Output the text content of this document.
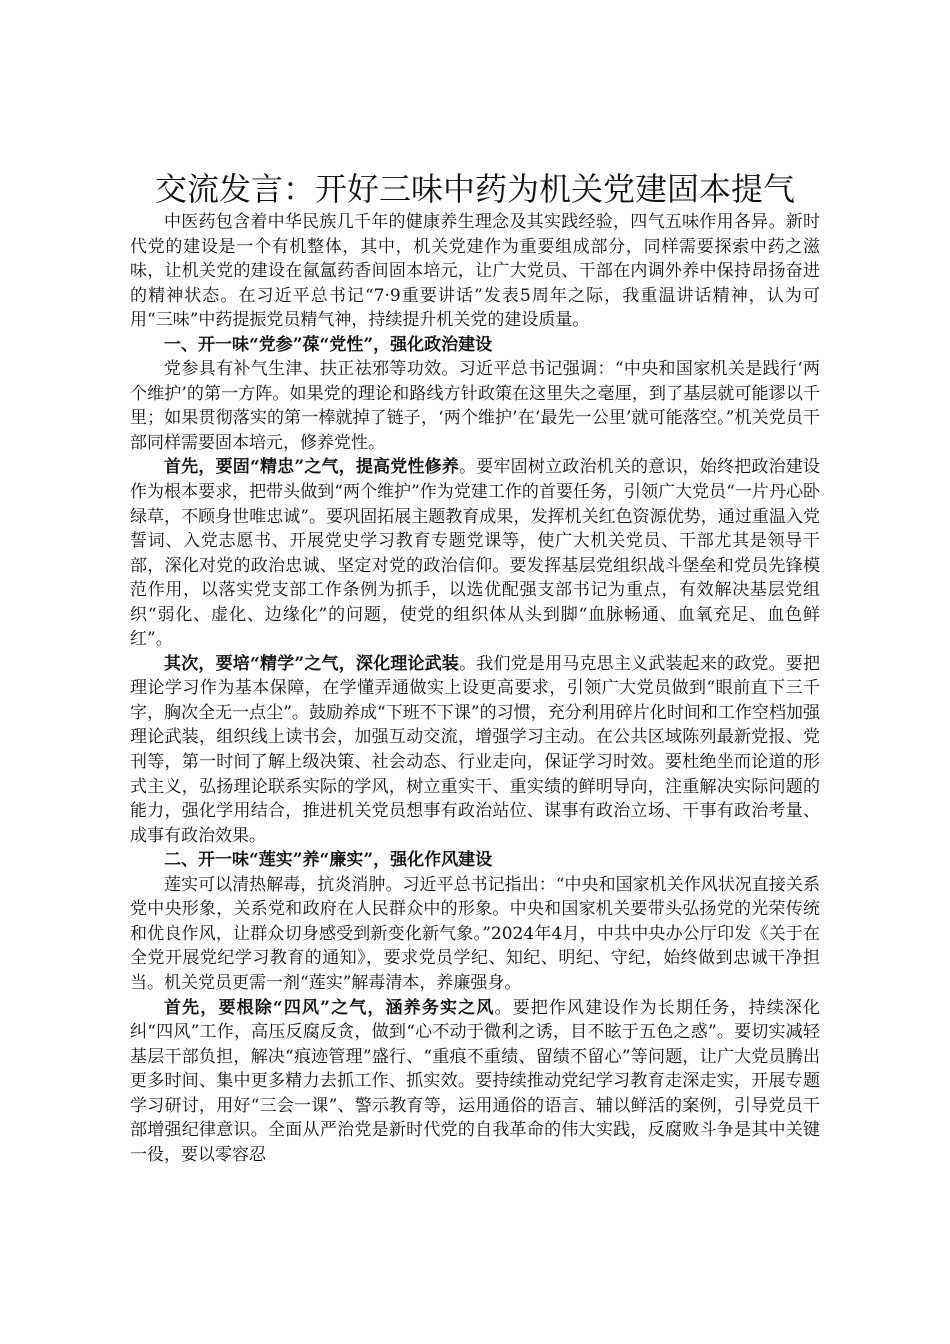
交流发言：开好三味中药为机关党建固本提气

中医药包含着中华民族几千年的健康养生理念及其实践经验，四气五味作用各异。新时代党的建设是一个有机整体，其中，机关党建作为重要组成部分，同样需要探索中药之滋味，让机关党的建设在氤氲药香间固本培元，让广大党员、干部在内调外养中保持昂扬奋进的精神状态。在习近平总书记“7·9重要讲话”发表5周年之际，我重温讲话精神，认为可用“三味”中药提振党员精气神，持续提升机关党的建设质量。

一、开一味“党参”葆“党性”，强化政治建设

党参具有补气生津、扶正祛邪等功效。习近平总书记强调：“中央和国家机关是践行‘两个维护’的第一方阵。如果党的理论和路线方针政策在这里失之毫厘，到了基层就可能谬以千里；如果贯彻落实的第一棒就掉了链子，‘两个维护’在‘最先一公里’就可能落空。”机关党员干部同样需要固本培元，修养党性。

首先，要固“精忠”之气，提高党性修养。要牢固树立政治机关的意识，始终把政治建设作为根本要求，把带头做到“两个维护”作为党建工作的首要任务，引领广大党员“一片丹心卧绿草，不顾身世唯忠诚”。要巩固拓展主题教育成果，发挥机关红色资源优势，通过重温入党誓词、入党志愿书、开展党史学习教育专题党课等，使广大机关党员、干部尤其是领导干部，深化对党的政治忠诚、坚定对党的政治信仰。要发挥基层党组织战斗堡垒和党员先锋模范作用，以落实党支部工作条例为抓手，以选优配强支部书记为重点，有效解决基层党组织“弱化、虚化、边缘化”的问题，使党的组织体从头到脚“血脉畅通、血氧充足、血色鲜红”。

其次，要培“精学”之气，深化理论武装。我们党是用马克思主义武装起来的政党。要把理论学习作为基本保障，在学懂弄通做实上设更高要求，引领广大党员做到“眼前直下三千字，胸次全无一点尘”。鼓励养成“下班不下课”的习惯，充分利用碎片化时间和工作空档加强理论武装，组织线上读书会，加强互动交流，增强学习主动。在公共区域陈列最新党报、党刊等，第一时间了解上级决策、社会动态、行业走向，保证学习时效。要杜绝坐而论道的形式主义，弘扬理论联系实际的学风，树立重实干、重实绩的鲜明导向，注重解决实际问题的能力，强化学用结合，推进机关党员想事有政治站位、谋事有政治立场、干事有政治考量、成事有政治效果。

二、开一味“莲实”养“廉实”，强化作风建设

莲实可以清热解毒，抗炎消肿。习近平总书记指出：“中央和国家机关作风状况直接关系党中央形象，关系党和政府在人民群众中的形象。中央和国家机关要带头弘扬党的光荣传统和优良作风，让群众切身感受到新变化新气象。”2024年4月，中共中央办公厅印发《关于在全党开展党纪学习教育的通知》，要求党员学纪、知纪、明纪、守纪，始终做到忠诚干净担当。机关党员更需一剂“莲实”解毒清本，养廉强身。

首先，要根除“四风”之气，涵养务实之风。要把作风建设作为长期任务，持续深化纠“四风”工作，高压反腐反贪，做到“心不动于微利之诱，目不眩于五色之惑”。要切实减轻基层干部负担，解决“痕迹管理”盛行、“重痕不重绩、留绩不留心”等问题，让广大党员腾出更多时间、集中更多精力去抓工作、抓实效。要持续推动党纪学习教育走深走实，开展专题学习研讨，用好“三会一课”、警示教育等，运用通俗的语言、辅以鲜活的案例，引导党员干部增强纪律意识。全面从严治党是新时代党的自我革命的伟大实践，反腐败斗争是其中关键一役，要以零容忍
